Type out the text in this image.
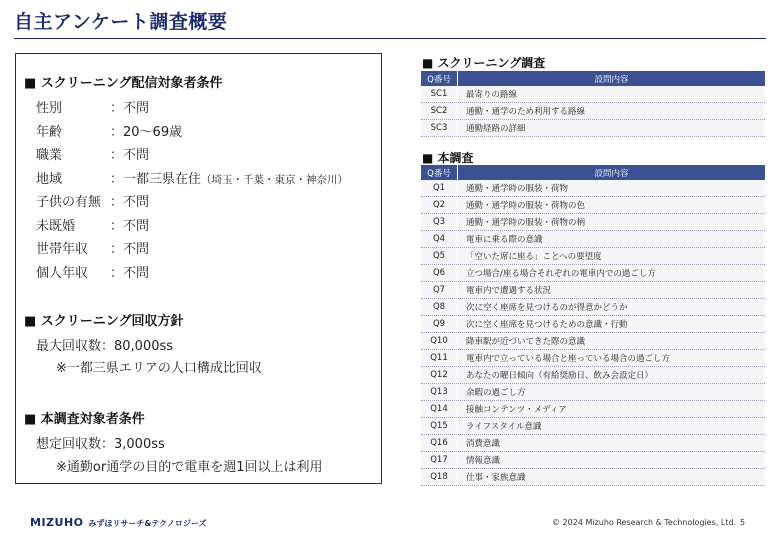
自主アンケート調査概要
■ スクリーニング配信対象者条件
性別	：不問
年齢	：20〜69歳
職業	：不問
地域	：一都三県在住（埼玉・千葉・東京・神奈川）
子供の有無 ：不問
未既婚	：不問
世帯年収 ：不問
個人年収 ：不問
■ スクリーニング回収方針
最大回収数：80,000ss
※一都三県エリアの人口構成比回収
■ 本調査対象者条件
想定回収数：3,000ss
※通勤or通学の目的で電車を週1回以上は利用
■ スクリーニング調査
Q番号	設問内容
SC1	最寄りの路線
SC2	通勤・通学のため利用する路線
SC3	通勤経路の詳細
■ 本調査
Q番号	設問内容
Q1	通勤・通学時の服装・荷物
Q2	通勤・通学時の服装・荷物の色
Q3	通勤・通学時の服装・荷物の柄
Q4	電車に乗る際の意識
Q5	「空いた席に座る」ことへの要望度
Q6	立つ場合/座る場合それぞれの電車内での過ごし方
Q7	電車内で遭遇する状況
Q8	次に空く座席を見つけるのが得意かどうか
Q9	次に空く座席を見つけるための意識・行動
Q10	降車駅が近づいてきた際の意識
Q11	電車内で立っている場合と座っている場合の過ごし方
Q12	あなたの曜日傾向（有給奨励日、飲み会設定日）
Q13	余暇の過ごし方
Q14	接触コンテンツ・メディア
Q15	ライフスタイル意識
Q16	消費意識
Q17	情報意識
Q18	仕事・家族意識
MIZUHO みずほリサーチ&テクノロジーズ	© 2024 Mizuho Research & Technologies, Ltd. 5
